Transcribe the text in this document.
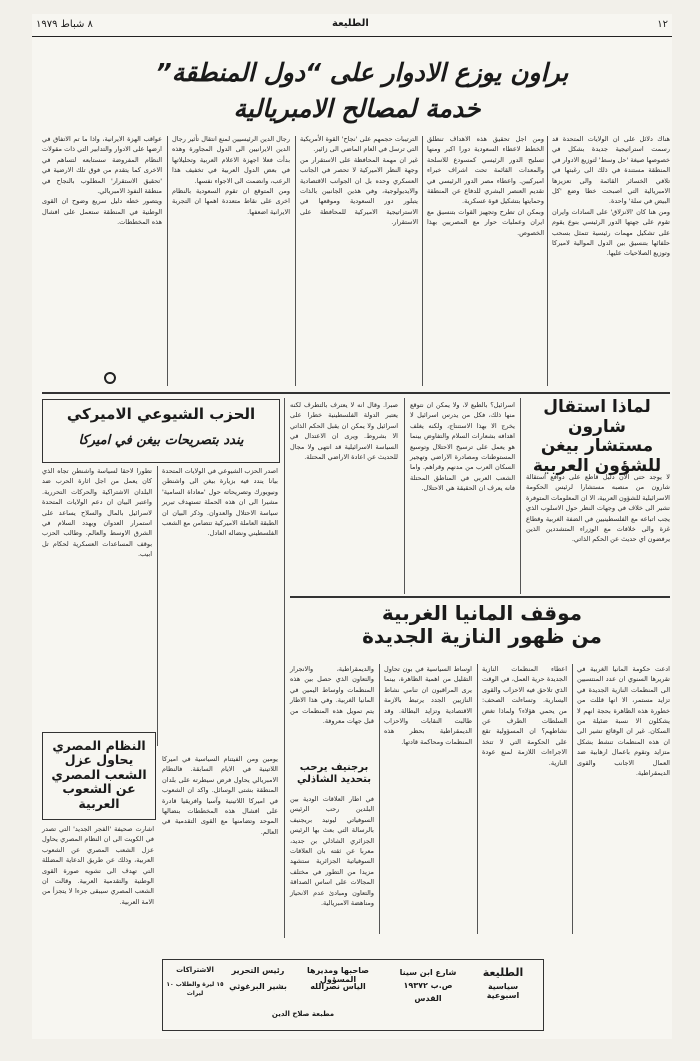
١٢
الطليعة
٨ شباط ١٩٧٩
براون يوزع الادوار على “دول المنطقة”
خدمة لمصالح الامبريالية
هناك دلائل على ان الولايات المتحدة قد رسمت استراتيجية جديدة بشكل في خصوصها صيغة 'حل وسط' لتوزيع الادوار في المنطقة مستندة في ذلك الى رغبتها في تلافي الخسائر القائمة والى تعزيزها الامبريالية التي اصبحت خطا وضع 'كل البيض في سلة' واحدة.
ومن هنا كان 'الانزلاق' على السادات وايران تقوم على جهتها الدور الرئيسي بنوع يقوم على تشكيل مهمات رئيسية تتمثل بسحب حلفائها بتنسيق بين الدول الموالية لاميركا وتوزيع الصلاحيات عليها.
ومن اجل تحقيق هذه الاهداف تنطلق الخطط لاعطاء السعودية دورا اكبر ومنها تسليح الدور الرئيسي كمسودع للاسلحة والمعدات القائمة تحت اشراف خبراء اميركيين. واعطاء مصر الدور الرئيسي في تقديم العنصر البشري للدفاع عن المنطقة وحمايتها بتشكيل قوة عسكرية.
وبمكن ان تطرح وتجهيز القوات بتنسيق مع ايران وعمليات حوار مع المصريين بهذا الخصوص.
الترتيبات حجمهم على 'نجاح' القوة الأمريكية التي ترسل في العام الماضي الى زائير.
غير ان مهمة المحافظة على الاستقرار من وجهة النظر الاميركية لا تحصر في الجانب العسكري وحده بل ان الجوانب الاقتصادية والايديولوجية، وفي هذين الجانبين بالذات يتبلور دور السعودية وموقعها في الاستراتيجية الاميركية للمحافظة على الاستقرار.
رجال الدين الرئيسيين لمنع انتقال تأثير رجال الدين الايرانيين الى الدول المجاورة وهذه بدأت فعلا اجهزة الاعلام العربية وتحليلاتها في بعض الدول العربية في تخفيف هذا الرعب، وانضمت الى الاجواء نفسها.
ومن المتوقع ان تقوم السعودية بالنظام اخرى على نقاط متعددة اهمها ان التجربة الايرانية اضعفها.
عواقب الهزة الايرانية، واذا ما تم الاتفاق في ارضها على الادوار والتدابير التي ذات مقولات النظام المفروضة سستابعه لتساهم في الاخرى كما يتقدم من فوق تلك الارضية في 'تحقيق الاستقرار' المطلوب بالنجاح في منطقة النفوذ الامبريالي.
ويتصور خطه دليل سريع وضوح ان القوى الوطنية في المنطقة ستعمل على افشال هذه المخططات.
لماذا استقال شارون
مستشار بيغن
للشؤون العربية
لا يوجد حتى الآن دليل قاطع على دوافع استقالة شارون من منصبه مستشارا لرئيس الحكومة الاسرائيلية للشؤون العربية، الا ان المعلومات المتوفرة تشير الى خلاف في وجهات النظر حول الاسلوب الذي يجب اتباعه مع الفلسطينيين في الضفة الغربية وقطاع غزة والى خلافات مع الوزراء المتشددين الذين يرفضون اي حديث عن الحكم الذاتي.
اسرائيل؟ بالطبع لا، ولا يمكن ان نتوقع منها ذلك، فكل من يدرس اسرائيل لا يخرج الا بهذا الاستنتاج، ولكنه يغلف اهدافه بشعارات السلام والتفاوض بينما هو يعمل على ترسيخ الاحتلال وتوسيع المستوطنات ومصادرة الاراضي وتهجير السكان العرب من مدنهم وقراهم. واما الشعب العربي في المناطق المحتلة فانه يعرف ان الحقيقة هي الاحتلال.
صبرا. وقال انه لا يعترف بالتطرف لكنه يعتبر الدولة الفلسطينية خطرا على اسرائيل ولا يمكن ان يقبل الحكم الذاتي الا بشروط. ويرى ان الاعتدال في السياسة الاسرائيلية قد انتهى ولا مجال للحديث عن اعادة الاراضي المحتلة.
الحزب الشيوعي الاميركي
يندد بتصريحات بيغن في اميركا
اصدر الحزب الشيوعي في الولايات المتحدة بيانا يندد فيه بزيارة بيغن الى واشنطن ونيويورك وتصريحاته حول 'معاداة السامية' مشيرا الى ان هذه الحملة تستهدف تبرير سياسة الاحتلال والعدوان. وذكر البيان ان الطبقة العاملة الاميركية تتضامن مع الشعب الفلسطيني ونضاله العادل.
تطورا لاحقا لسياسة واشنطن تجاه الذي كان يعمل من اجل اثارة الحرب ضد البلدان الاشتراكية والحركات التحررية. واعتبر البيان ان دعم الولايات المتحدة لاسرائيل بالمال والسلاح يساعد على استمرار العدوان ويهدد السلام في الشرق الاوسط والعالم. وطالب الحزب بوقف المساعدات العسكرية لحكام تل ابيب.
موقف المانيا الغربية
من ظهور النازية الجديدة
ادعت حكومة المانيا الغربية في تقريرها السنوي ان عدد المنتسبين الى المنظمات النازية الجديدة في تزايد مستمر، الا انها قللت من خطورة هذه الظاهرة بحجة انهم لا يشكلون الا نسبة ضئيلة من السكان. غير ان الوقائع تشير الى ان هذه المنظمات تنشط بشكل متزايد وتقوم باعمال ارهابية ضد العمال الاجانب والقوى الديمقراطية.
اعطاء المنظمات النازية الجديدة حرية العمل، في الوقت الذي تلاحق فيه الاحزاب والقوى اليسارية. وتساءلت الصحف: من يحمي هؤلاء؟ ولماذا تغض السلطات الطرف عن نشاطهم؟ ان المسؤولية تقع على الحكومة التي لا تتخذ الاجراءات اللازمة لمنع عودة النازية.
اوساط السياسية في بون تحاول التقليل من اهمية الظاهرة، بينما يرى المراقبون ان تنامي نشاط النازيين الجدد يرتبط بالازمة الاقتصادية وتزايد البطالة. وقد طالبت النقابات والاحزاب الديمقراطية بحظر هذه المنظمات ومحاكمة قادتها.
والديمقراطية، والانجرار والتعاون الذي حصل بين هذه المنظمات واوساط اليمين في المانيا الغربية. وفي هذا الاطار يتم تمويل هذه المنظمات من قبل جهات معروفة.
برجنيف يرحب
بتحديد الشاذلي
في اطار العلاقات الودية بين البلدين رحب الرئيس السوفياتي ليونيد بريجنيف بالرسالة التي بعث بها الرئيس الجزائري الشاذلي بن جديد، معربا عن ثقته بان العلاقات السوفياتية الجزائرية ستشهد مزيدا من التطور في مختلف المجالات على اساس الصداقة والتعاون ومبادئ عدم الانحياز ومناهضة الامبريالية.
النظام المصري
يحاول عزل الشعب المصري
عن الشعوب العربية
اشارت صحيفة 'الفجر الجديد' التي تصدر في الكويت الى ان النظام المصري يحاول عزل الشعب المصري عن الشعوب العربية، وذلك عن طريق الدعاية المضللة التي تهدف الى تشويه صورة القوى الوطنية والتقدمية العربية. وقالت ان الشعب المصري سيبقى جزءا لا يتجزأ من الامة العربية.
يومين ومن الفيتنام السياسية في اميركا اللاتينية في الايام السابقة. فالنظام الامبريالي يحاول فرض سيطرته على بلدان المنطقة بشتى الوسائل. واكد ان الشعوب في اميركا اللاتينية وآسيا وافريقيا قادرة على افشال هذه المخططات بنضالها الموحد وتضامنها مع القوى التقدمية في العالم.
الطليعة
سياسية اسبوعية
شارع ابن سينا ص.ب ١٩٣٧٢ القدس
صاحبها ومديرها المسؤول
الياس نصرالله
رئيس التحرير
بشير البرغوثي
الاشتراكات
١٥ ليرة والطلاب ١٠ ليرات
مطبعة صلاح الدين
